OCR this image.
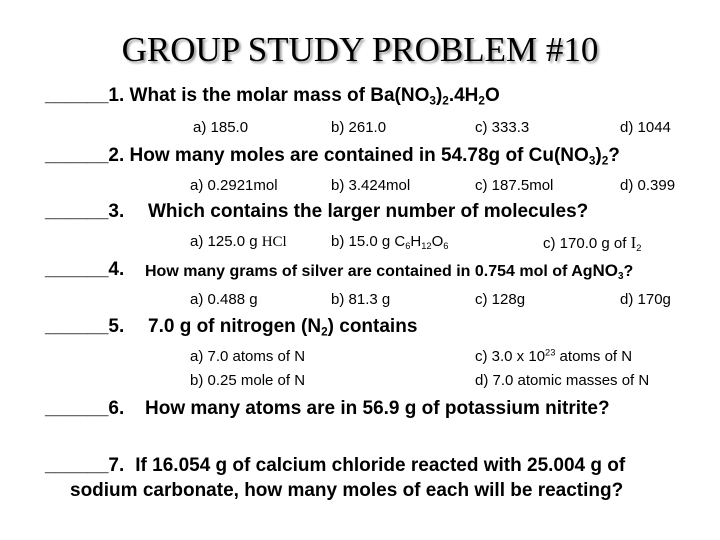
GROUP STUDY PROBLEM #10
______1. What is the molar mass of $Ba(NO_3)_2.4H_2O$
a) 185.0	b) 261.0	c) 333.3	d) 1044
______2. How many moles are contained in 54.78g of $Cu(NO_3)_2$?
a) 0.2921mol	b) 3.424mol	c) 187.5mol	d) 0.399
______3. Which contains the larger number of molecules?
a) 125.0 g HCl	b) 15.0 g $C_6H_{12}O_6$	c) 170.0 g of $I_2$
______4. How many grams of silver are contained in 0.754 mol of AgNO$_3$?
a) 0.488 g	b) 81.3 g	c) 128g	d) 170g
______5. 7.0 g of nitrogen $(N_2)$ contains
a) 7.0 atoms of N
b) 0.25 mole of N
c) 3.0 x $10^{23}$ atoms of N
d) 7.0 atomic masses of N
______6. How many atoms are in 56.9 g of potassium nitrite?
______7. If 16.054 g of calcium chloride reacted with 25.004 g of
sodium carbonate, how many moles of each will be reacting?
